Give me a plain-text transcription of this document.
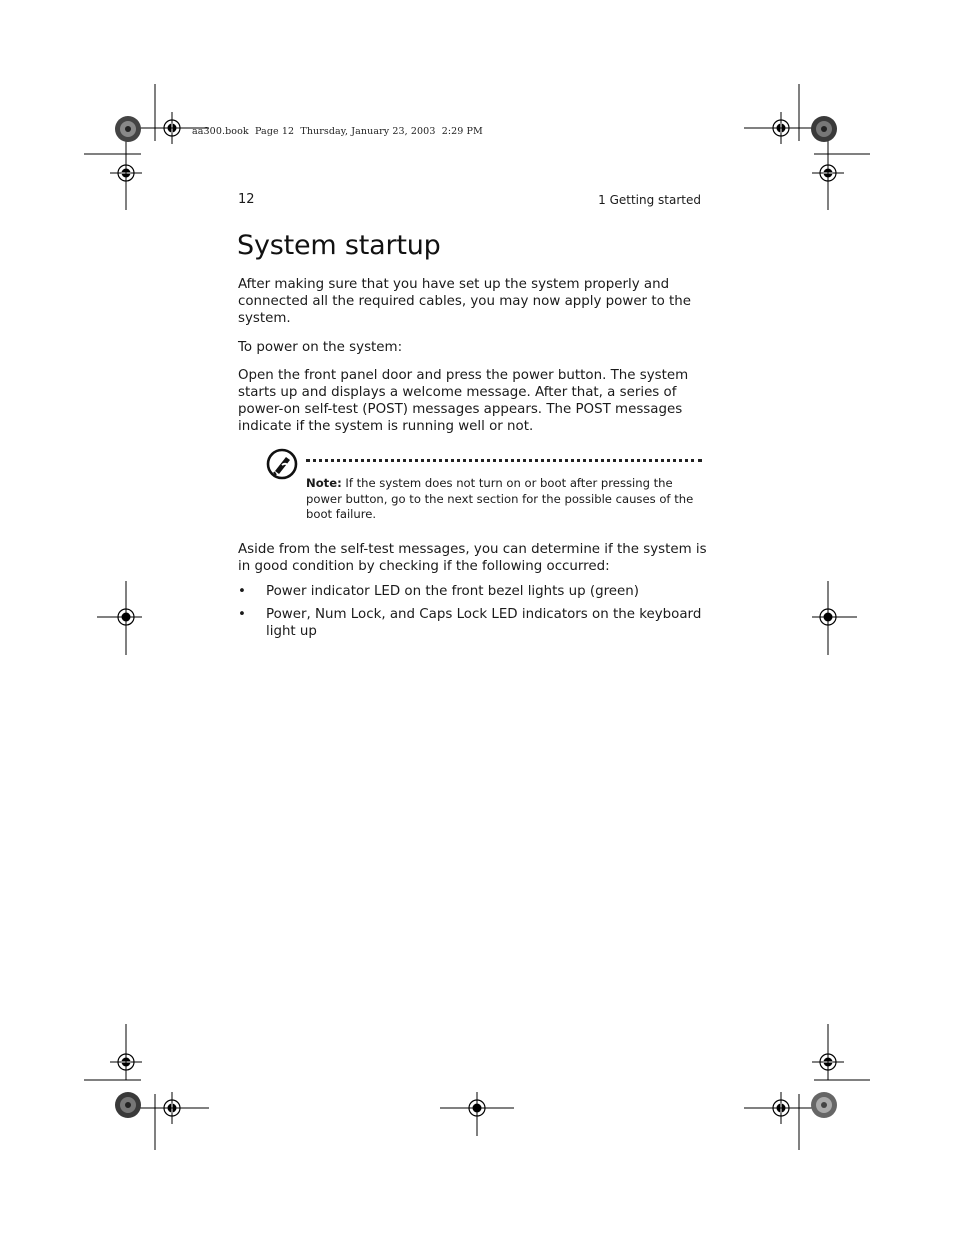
aa300.book  Page 12  Thursday, January 23, 2003  2:29 PM
12	1 Getting started
System startup

After making sure that you have set up the system properly and connected all the required cables, you may now apply power to the system.

To power on the system:

Open the front panel door and press the power button. The system starts up and displays a welcome message. After that, a series of power-on self-test (POST) messages appears. The POST messages indicate if the system is running well or not.

Note: If the system does not turn on or boot after pressing the power button, go to the next section for the possible causes of the boot failure.

Aside from the self-test messages, you can determine if the system is in good condition by checking if the following occurred:

• Power indicator LED on the front bezel lights up (green)
• Power, Num Lock, and Caps Lock LED indicators on the keyboard light up
